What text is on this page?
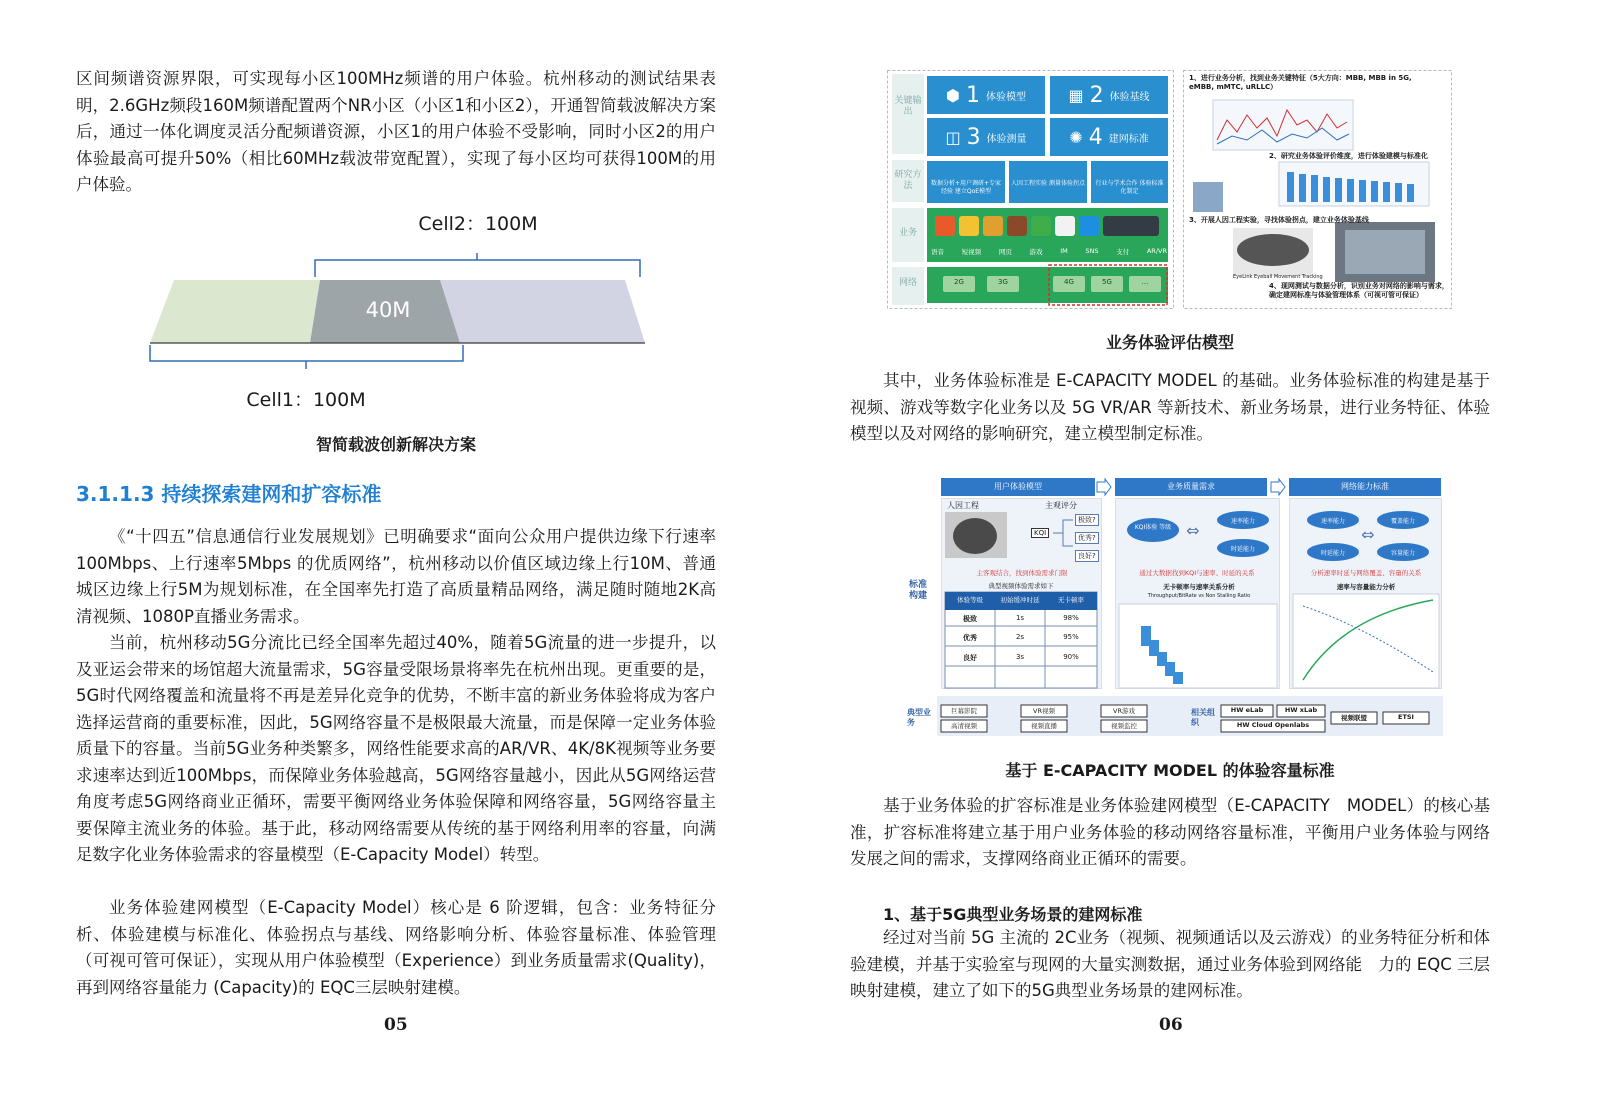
区间频谱资源界限，可实现每小区100MHz频谱的用户体验。杭州移动的测试结果表明，2.6GHz频段160M频谱配置两个NR小区（小区1和小区2），开通智简载波解决方案后，通过一体化调度灵活分配频谱资源，小区1的用户体验不受影响，同时小区2的用户体验最高可提升50%（相比60MHz载波带宽配置），实现了每小区均可获得100M的用户体验。

Cell2：100M
40M
Cell1：100M
智简载波创新解决方案
3.1.1.3 持续探索建网和扩容标准

《“十四五”信息通信行业发展规划》已明确要求“面向公众用户提供边缘下行速率100Mbps、上行速率5Mbps 的优质网络”，杭州移动以价值区域边缘上行10M、普通城区边缘上行5M为规划标准，在全国率先打造了高质量精品网络，满足随时随地2K高清视频、1080P直播业务需求。

当前，杭州移动5G分流比已经全国率先超过40%，随着5G流量的进一步提升，以及亚运会带来的场馆超大流量需求，5G容量受限场景将率先在杭州出现。更重要的是，5G时代网络覆盖和流量将不再是差异化竞争的优势，不断丰富的新业务体验将成为客户选择运营商的重要标准，因此，5G网络容量不是极限最大流量，而是保障一定业务体验质量下的容量。当前5G业务种类繁多，网络性能要求高的AR/VR、4K/8K视频等业务要求速率达到近100Mbps，而保障业务体验越高，5G网络容量越小，因此从5G网络运营角度考虑5G网络商业正循环，需要平衡网络业务体验保障和网络容量，5G网络容量主要保障主流业务的体验。基于此，移动网络需要从传统的基于网络利用率的容量，向满足数字化业务体验需求的容量模型（E-Capacity Model）转型。

业务体验建网模型（E-Capacity Model）核心是 6 阶逻辑，包含：业务特征分析、体验建模与标准化、体验拐点与基线、网络影响分析、体验容量标准、体验管理（可视可管可保证），实现从用户体验模型（Experience）到业务质量需求(Quality)，再到网络容量能力 (Capacity)的 EQC三层映射建模。

05
关键输出
研究方法
业务
网络
⬢ 1 体验模型	▦ 2 体验基线
◫ 3 体验测量	✺ 4 建网标准
数据分析+用户调研+专家经验 建立QoE模型
人因工程实验 测量体验拐点	行业与学术合作 体验标准化制定
语音	短视频	网页	游戏	IM	SNS	支付	AR/VR
2G	3G	4G	5G	...
1、进行业务分析，找到业务关键特征（5大方向：MBB, MBB in 5G, eMBB, mMTC, uRLLC）
2、研究业务体验评价维度，进行体验建模与标准化
3、开展人因工程实验，寻找体验拐点，建立业务体验基线
EyeLink Eyeball Movement Tracking
4、现网测试与数据分析，识别业务对网络的影响与需求，确定建网标准与体验管理体系（可视可管可保证）
业务体验评估模型

其中，业务体验标准是 E-CAPACITY MODEL 的基础。业务体验标准的构建是基于视频、游戏等数字化业务以及 5G VR/AR 等新技术、新业务场景，进行业务特征、体验模型以及对网络的影响研究，建立模型制定标准。

⇔
⇔
用户体验模型	业务质量需求	网络能力标准
标准构建
人因工程	主观评分
KQI
极致?
优秀?
良好?
主客观结合，找到体验需求门限
KQI体验 等级
速率能力
时延能力
通过大数据找到KQI与速率、时延的关系
速率能力	覆盖能力
时延能力	容量能力
分析速率时延与网络覆盖、容量的关系
典型视频体验需求如下
体验等级	初始缓冲时延	无卡顿率
极致	1s	98%
优秀	2s	95%
良好	3s	90%
无卡顿率与速率关系分析
Throughput/BitRate vs Non Stalling Ratio
速率与容量能力分析
典型业务
巨幕影院	VR视频	VR游戏
高清视频	视频直播	视频监控
相关组织
HW eLab	HW xLab
HW Cloud Openlabs
视频联盟	ETSI
基于 E-CAPACITY MODEL 的体验容量标准

基于业务体验的扩容标准是业务体验建网模型（E-CAPACITY　MODEL）的核心基准，扩容标准将建立基于用户业务体验的移动网络容量标准，平衡用户业务体验与网络发展之间的需求，支撑网络商业正循环的需要。

1、基于5G典型业务场景的建网标准

经过对当前 5G 主流的 2C业务（视频、视频通话以及云游戏）的业务特征分析和体验建模，并基于实验室与现网的大量实测数据，通过业务体验到网络能　力的 EQC 三层映射建模，建立了如下的5G典型业务场景的建网标准。

06
